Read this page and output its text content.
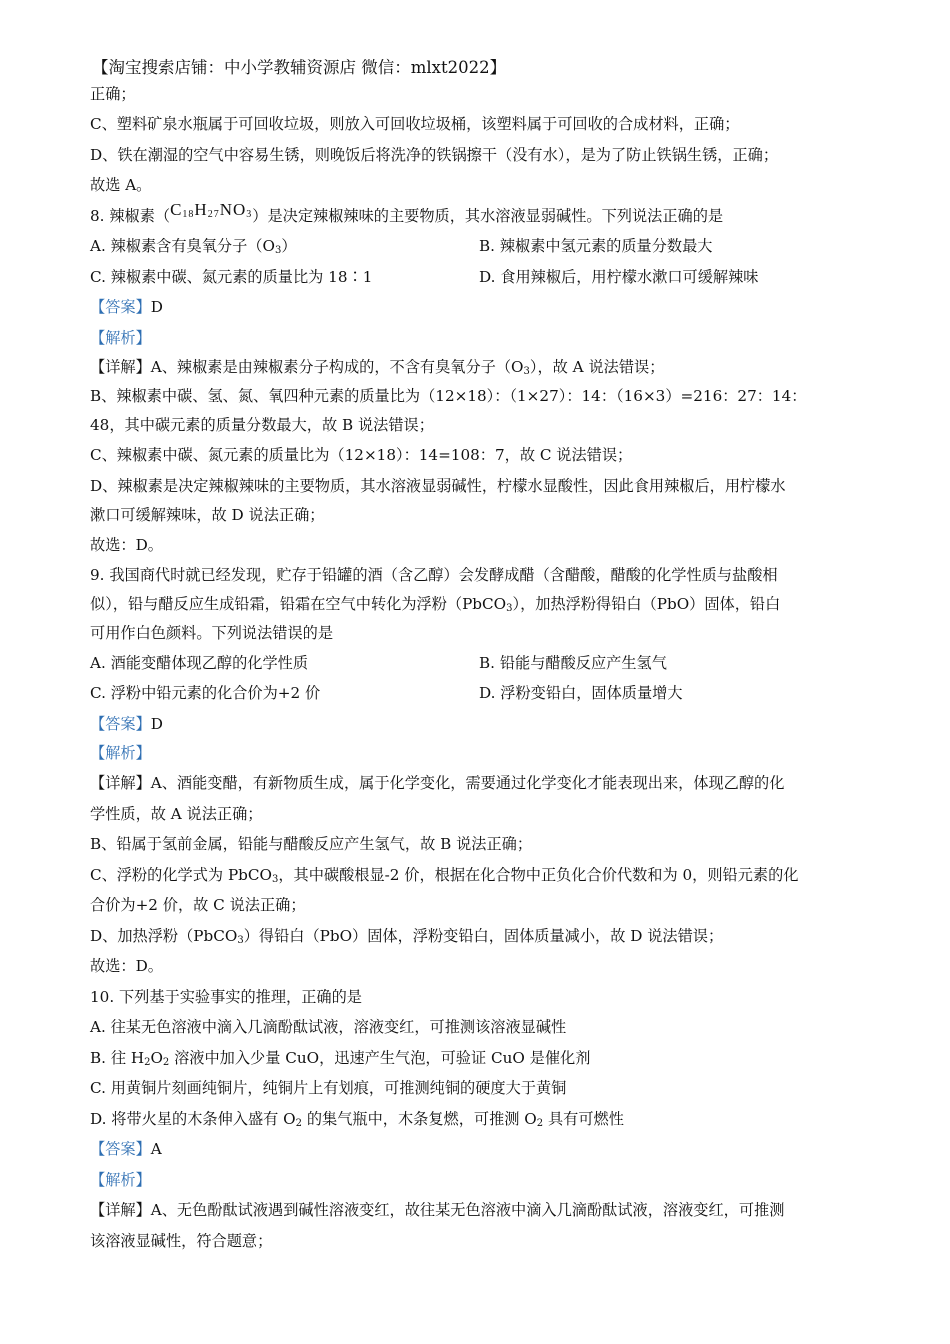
【淘宝搜索店铺：中小学教辅资源店 微信：mlxt2022】
正确；
C、塑料矿泉水瓶属于可回收垃圾，则放入可回收垃圾桶，该塑料属于可回收的合成材料，正确；
D、铁在潮湿的空气中容易生锈，则晚饭后将洗净的铁锅擦干（没有水），是为了防止铁锅生锈，正确；
故选 A。
8. 辣椒素$(C_{18}H_{27}NO_3)$是决定辣椒辣味的主要物质，其水溶液显弱碱性。下列说法正确的是
A. 辣椒素含有臭氧分子$(O_3)$	B. 辣椒素中氢元素的质量分数最大
C. 辣椒素中碳、氮元素的质量比为 18∶1	D. 食用辣椒后，用柠檬水漱口可缓解辣味
【答案】D
【解析】
【详解】A、辣椒素是由辣椒素分子构成的，不含有臭氧分子$(O_3)$，故 A 说法错误；
B、辣椒素中碳、氢、氮、氧四种元素的质量比为（12×18）：（1×27）：14：（16×3）=216：27：14：
48，其中碳元素的质量分数最大，故 B 说法错误；
C、辣椒素中碳、氮元素的质量比为（12×18）：14=108：7，故 C 说法错误；
D、辣椒素是决定辣椒辣味的主要物质，其水溶液显弱碱性，柠檬水显酸性，因此食用辣椒后，用柠檬水
漱口可缓解辣味，故 D 说法正确；
故选：D。
9. 我国商代时就已经发现，贮存于铅罐的酒（含乙醇）会发酵成醋（含醋酸，醋酸的化学性质与盐酸相
似），铅与醋反应生成铅霜，铅霜在空气中转化为浮粉（PbCO$_3$），加热浮粉得铅白（PbO）固体，铅白
可用作白色颜料。下列说法错误的是
A. 酒能变醋体现乙醇的化学性质	B. 铅能与醋酸反应产生氢气
C. 浮粉中铅元素的化合价为+2 价	D. 浮粉变铅白，固体质量增大
【答案】D
【解析】
【详解】A、酒能变醋，有新物质生成，属于化学变化，需要通过化学变化才能表现出来，体现乙醇的化
学性质，故 A 说法正确；
B、铅属于氢前金属，铅能与醋酸反应产生氢气，故 B 说法正确；
C、浮粉的化学式为 PbCO$_3$，其中碳酸根显-2 价，根据在化合物中正负化合价代数和为 0，则铅元素的化
合价为+2 价，故 C 说法正确；
D、加热浮粉（PbCO$_3$）得铅白（PbO）固体，浮粉变铅白，固体质量减小，故 D 说法错误；
故选：D。
10. 下列基于实验事实的推理，正确的是
A. 往某无色溶液中滴入几滴酚酞试液，溶液变红，可推测该溶液显碱性
B. 往 $H_2O_2$ 溶液中加入少量 CuO，迅速产生气泡，可验证 CuO 是催化剂
C. 用黄铜片刻画纯铜片，纯铜片上有划痕，可推测纯铜的硬度大于黄铜
D. 将带火星的木条伸入盛有 $O_2$ 的集气瓶中，木条复燃，可推测 $O_2$ 具有可燃性
【答案】A
【解析】
【详解】A、无色酚酞试液遇到碱性溶液变红，故往某无色溶液中滴入几滴酚酞试液，溶液变红，可推测
该溶液显碱性，符合题意；
